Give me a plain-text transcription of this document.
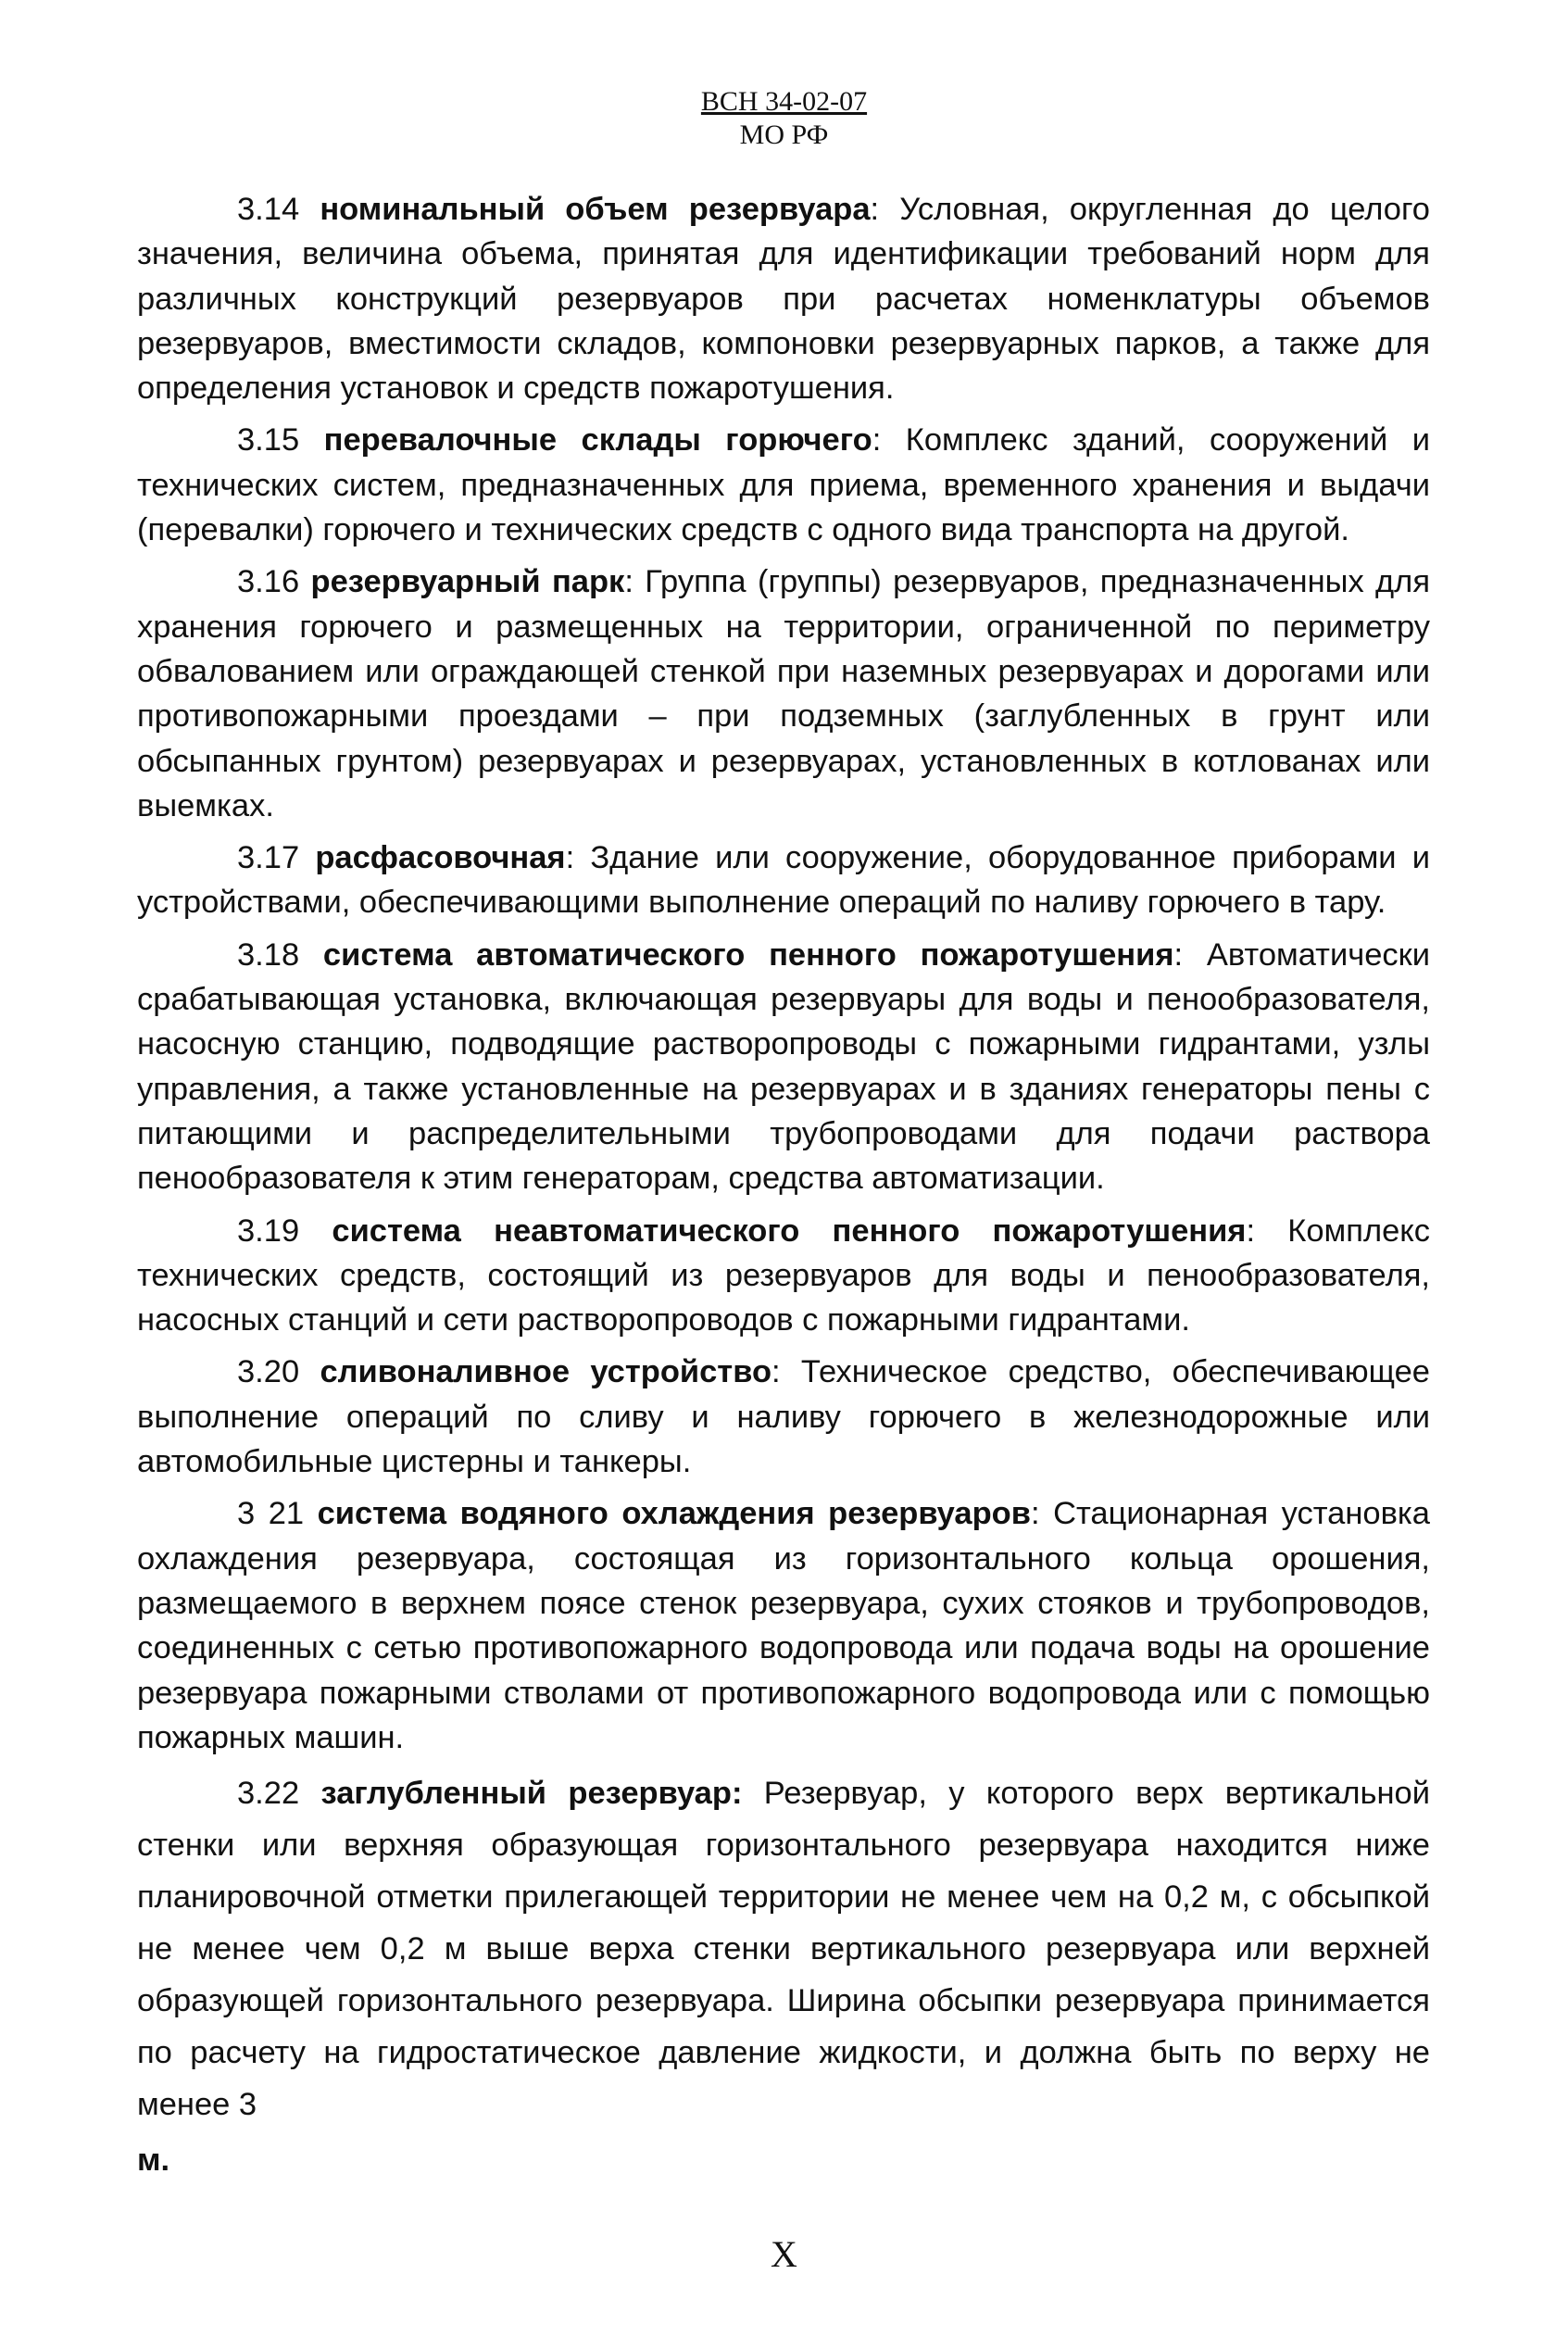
ВСН 34-02-07
МО РФ

3.14 номинальный объем резервуара: Условная, округленная до целого значения, величина объема, принятая для идентификации требований норм для различных конструкций резервуаров при расчетах номенклатуры объемов резервуаров, вместимости складов, компоновки резервуарных парков, а также для определения установок и средств пожаротушения.

3.15 перевалочные склады горючего: Комплекс зданий, сооружений и технических систем, предназначенных для приема, временного хранения и выдачи (перевалки) горючего и технических средств с одного вида транспорта на другой.

3.16 резервуарный парк: Группа (группы) резервуаров, предназначенных для хранения горючего и размещенных на территории, ограниченной по периметру обвалованием или ограждающей стенкой при наземных резервуарах и дорогами или противопожарными проездами – при подземных (заглубленных в грунт или обсыпанных грунтом) резервуарах и резервуарах, установленных в котлованах или выемках.

3.17 расфасовочная: Здание или сооружение, оборудованное приборами и устройствами, обеспечивающими выполнение операций по наливу горючего в тару.

3.18 система автоматического пенного пожаротушения: Автоматически срабатывающая установка, включающая резервуары для воды и пенообразователя, насосную станцию, подводящие растворопроводы с пожарными гидрантами, узлы управления, а также установленные на резервуарах и в зданиях генераторы пены с питающими и распределительными трубопроводами для подачи раствора пенообразователя к этим генераторам, средства автоматизации.

3.19 система неавтоматического пенного пожаротушения: Комплекс технических средств, состоящий из резервуаров для воды и пенообразователя, насосных станций и сети растворопроводов с пожарными гидрантами.

3.20 сливоналивное устройство: Техническое средство, обеспечивающее выполнение операций по сливу и наливу горючего в железнодорожные или автомобильные цистерны и танкеры.

3 21 система водяного охлаждения резервуаров: Стационарная установка охлаждения резервуара, состоящая из горизонтального кольца орошения, размещаемого в верхнем поясе стенок резервуара, сухих стояков и трубопроводов, соединенных с сетью противопожарного водопровода или подача воды на орошение резервуара пожарными стволами от противопожарного водопровода или с помощью пожарных машин.

3.22 заглубленный резервуар: Резервуар, у которого верх вертикальной стенки или верхняя образующая горизонтального резервуара находится ниже планировочной отметки прилегающей территории не менее чем на 0,2 м, с обсыпкой не менее чем 0,2 м выше верха стенки вертикального резервуара или верхней образующей горизонтального резервуара. Ширина обсыпки резервуара принимается по расчету на гидростатическое давление жидкости, и должна быть по верху не менее 3

м.

X
